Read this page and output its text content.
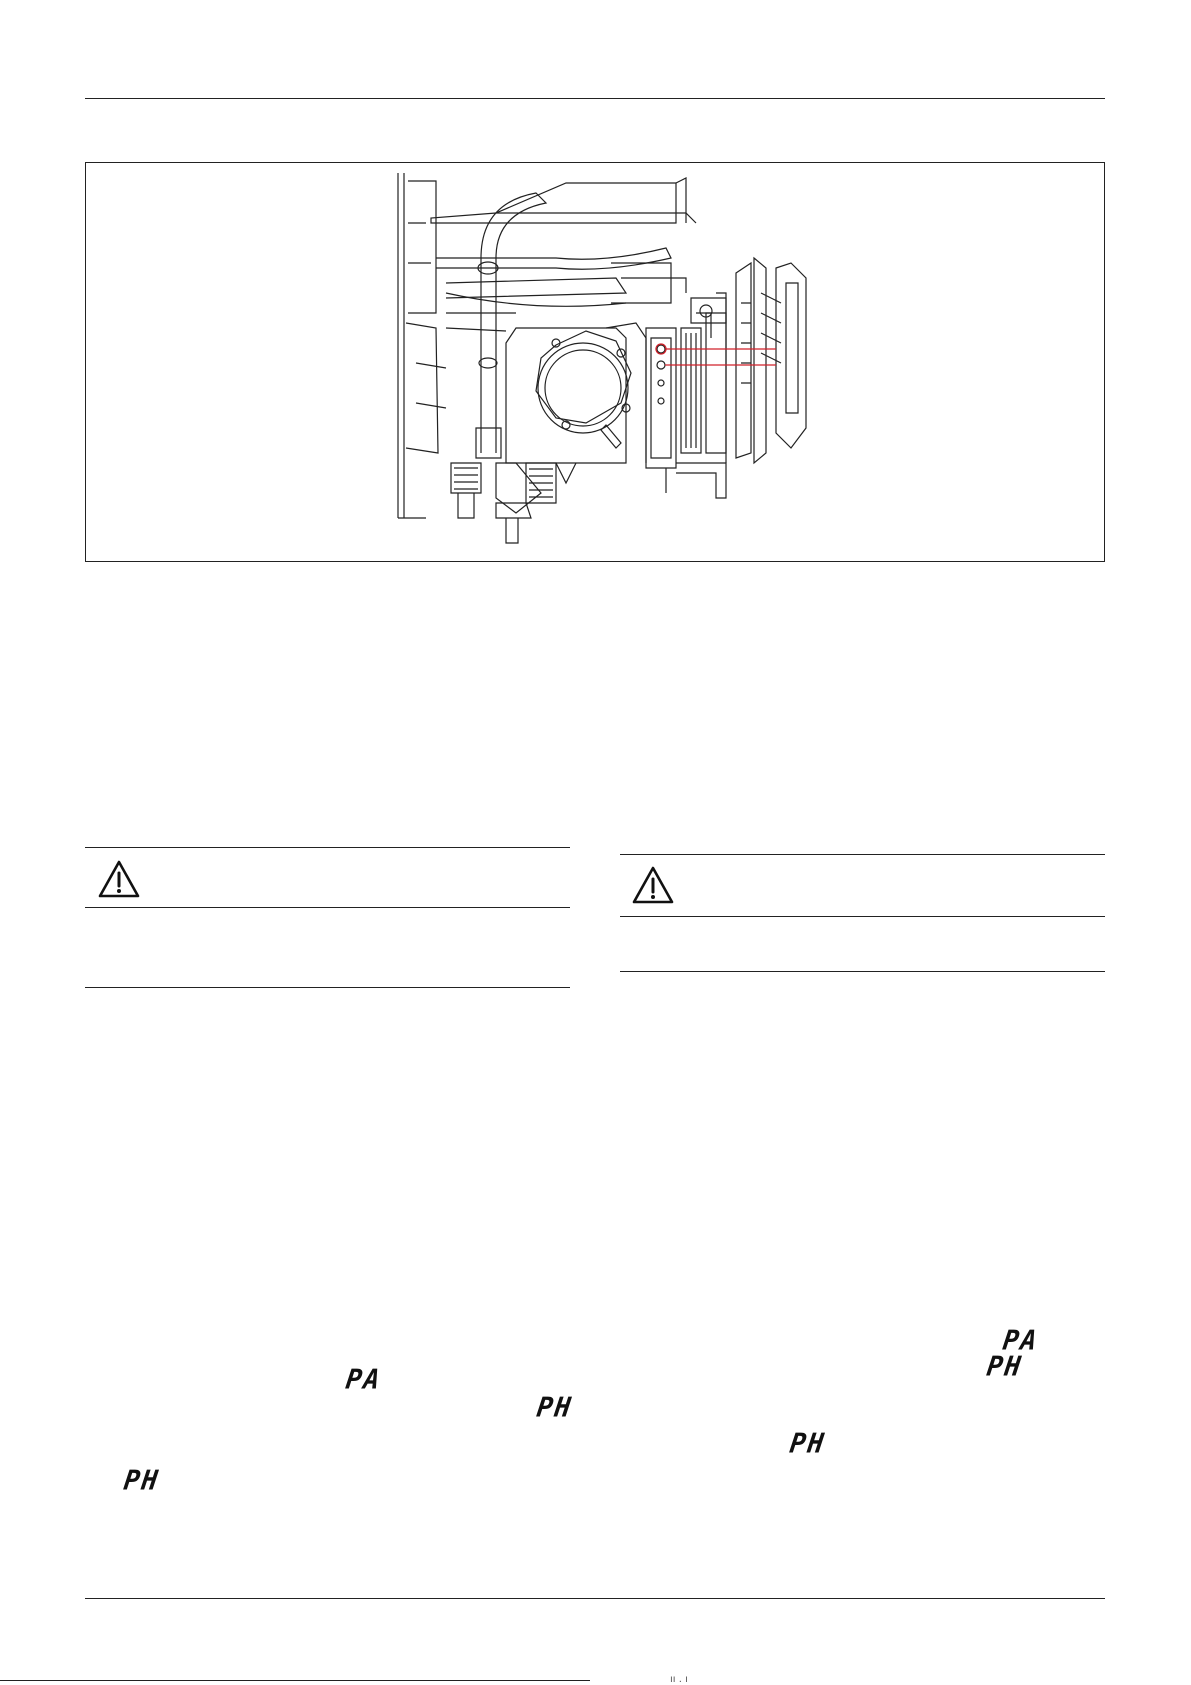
PA
PH
PH
PA
PH
PH
ıı . ı
